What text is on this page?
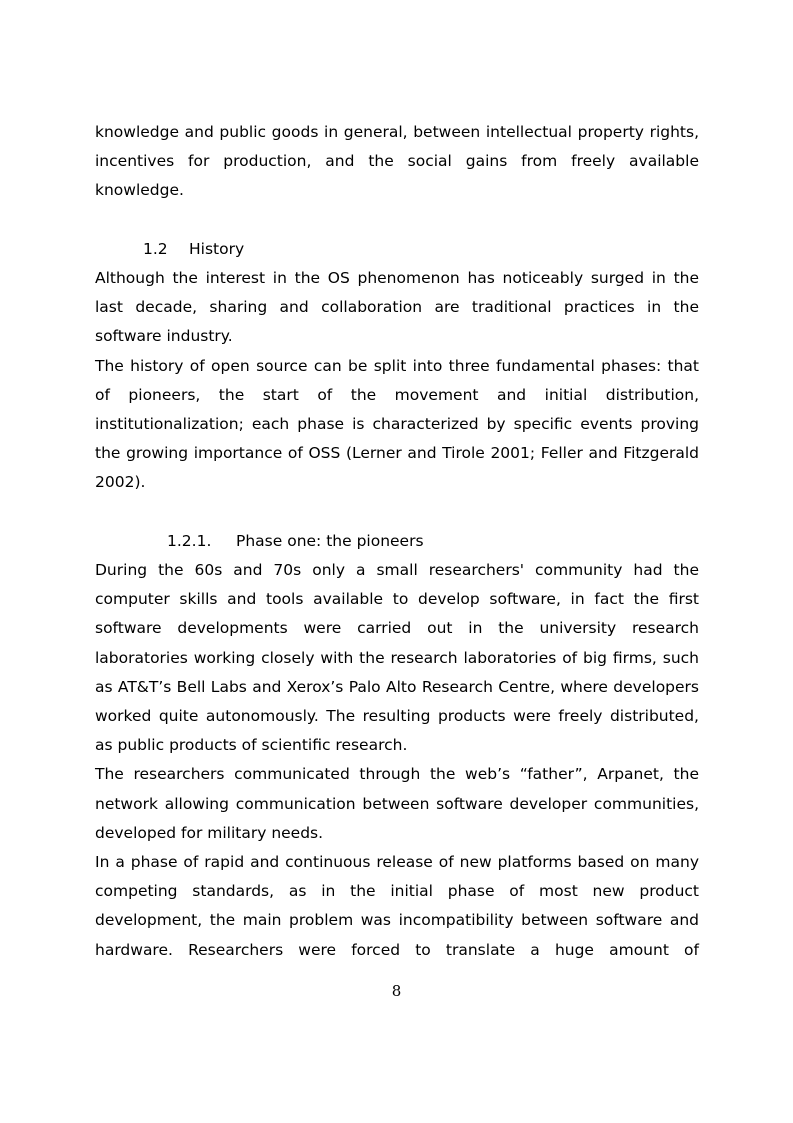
knowledge and public goods in general, between intellectual property rights, incentives for production, and the social gains from freely available knowledge.

1.2 History

Although the interest in the OS phenomenon has noticeably surged in the last decade, sharing and collaboration are traditional practices in the software industry.

The history of open source can be split into three fundamental phases: that of pioneers, the start of the movement and initial distribution, institutionalization; each phase is characterized by specific events proving the growing importance of OSS (Lerner and Tirole 2001; Feller and Fitzgerald 2002).

1.2.1. Phase one: the pioneers

During the 60s and 70s only a small researchers' community had the computer skills and tools available to develop software, in fact the first software developments were carried out in the university research laboratories working closely with the research laboratories of big firms, such as AT&T’s Bell Labs and Xerox’s Palo Alto Research Centre, where developers worked quite autonomously. The resulting products were freely distributed, as public products of scientific research.

The researchers communicated through the web’s “father”, Arpanet, the network allowing communication between software developer communities, developed for military needs.

In a phase of rapid and continuous release of new platforms based on many competing standards, as in the initial phase of most new product development, the main problem was incompatibility between software and hardware. Researchers were forced to translate a huge amount of

8
